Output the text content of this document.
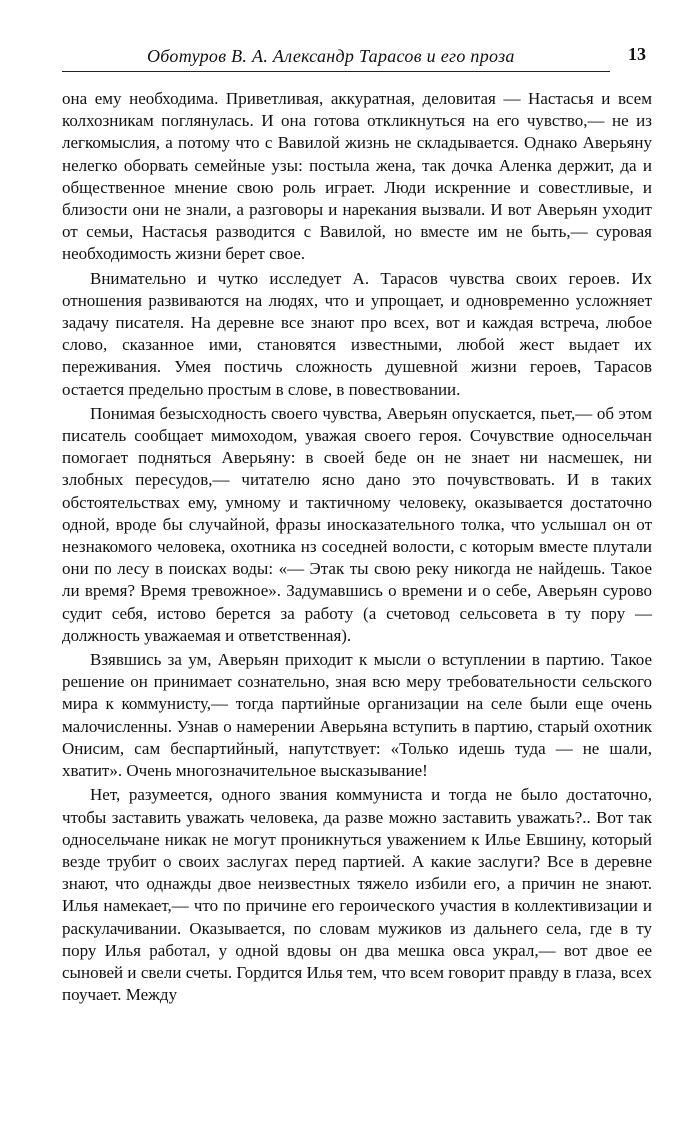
Оботуров В. А. Александр Тарасов и его проза	13

она ему необходима. Приветливая, аккуратная, деловитая — Настасья и всем колхозникам поглянулась. И она готова откликнуться на его чувство,— не из легкомыслия, а потому что с Вавилой жизнь не складывается. Однако Аверьяну нелегко оборвать семейные узы: постыла жена, так дочка Аленка держит, да и общественное мнение свою роль играет. Люди искренние и совестливые, и близости они не знали, а разговоры и нарекания вызвали. И вот Аверьян уходит от семьи, Настасья разводится с Вавилой, но вместе им не быть,— суровая необходимость жизни берет свое.

Внимательно и чутко исследует А. Тарасов чувства своих героев. Их отношения развиваются на людях, что и упрощает, и одновременно усложняет задачу писателя. На деревне все знают про всех, вот и каждая встреча, любое слово, сказанное ими, становятся известными, любой жест выдает их переживания. Умея постичь сложность душевной жизни героев, Тарасов остается предельно простым в слове, в повествовании.

Понимая безысходность своего чувства, Аверьян опускается, пьет,— об этом писатель сообщает мимоходом, уважая своего героя. Сочувствие односельчан помогает подняться Аверьяну: в своей беде он не знает ни насмешек, ни злобных пересудов,— читателю ясно дано это почувствовать. И в таких обстоятельствах ему, умному и тактичному человеку, оказывается достаточно одной, вроде бы случайной, фразы иносказательного толка, что услышал он от незнакомого человека, охотника нз соседней волости, с которым вместе плутали они по лесу в поисках воды: «— Этак ты свою реку никогда не найдешь. Такое ли время? Время тревожное». Задумавшись о времени и о себе, Аверьян сурово судит себя, истово берется за работу (а счетовод сельсовета в ту пору — должность уважаемая и ответственная).

Взявшись за ум, Аверьян приходит к мысли о вступлении в партию. Такое решение он принимает сознательно, зная всю меру требовательности сельского мира к коммунисту,— тогда партийные организации на селе были еще очень малочисленны. Узнав о намерении Аверьяна вступить в партию, старый охотник Онисим, сам беспартийный, напутствует: «Только идешь туда — не шали, хватит». Очень многозначительное высказывание!

Нет, разумеется, одного звания коммуниста и тогда не было достаточно, чтобы заставить уважать человека, да разве можно заставить уважать?.. Вот так односельчане никак не могут проникнуться уважением к Илье Евшину, который везде трубит о своих заслугах перед партией. А какие заслуги? Все в деревне знают, что однажды двое неизвестных тяжело избили его, а причин не знают. Илья намекает,— что по причине его героического участия в коллективизации и раскулачивании. Оказывается, по словам мужиков из дальнего села, где в ту пору Илья работал, у одной вдовы он два мешка овса украл,— вот двое ее сыновей и свели счеты. Гордится Илья тем, что всем говорит правду в глаза, всех поучает. Между
